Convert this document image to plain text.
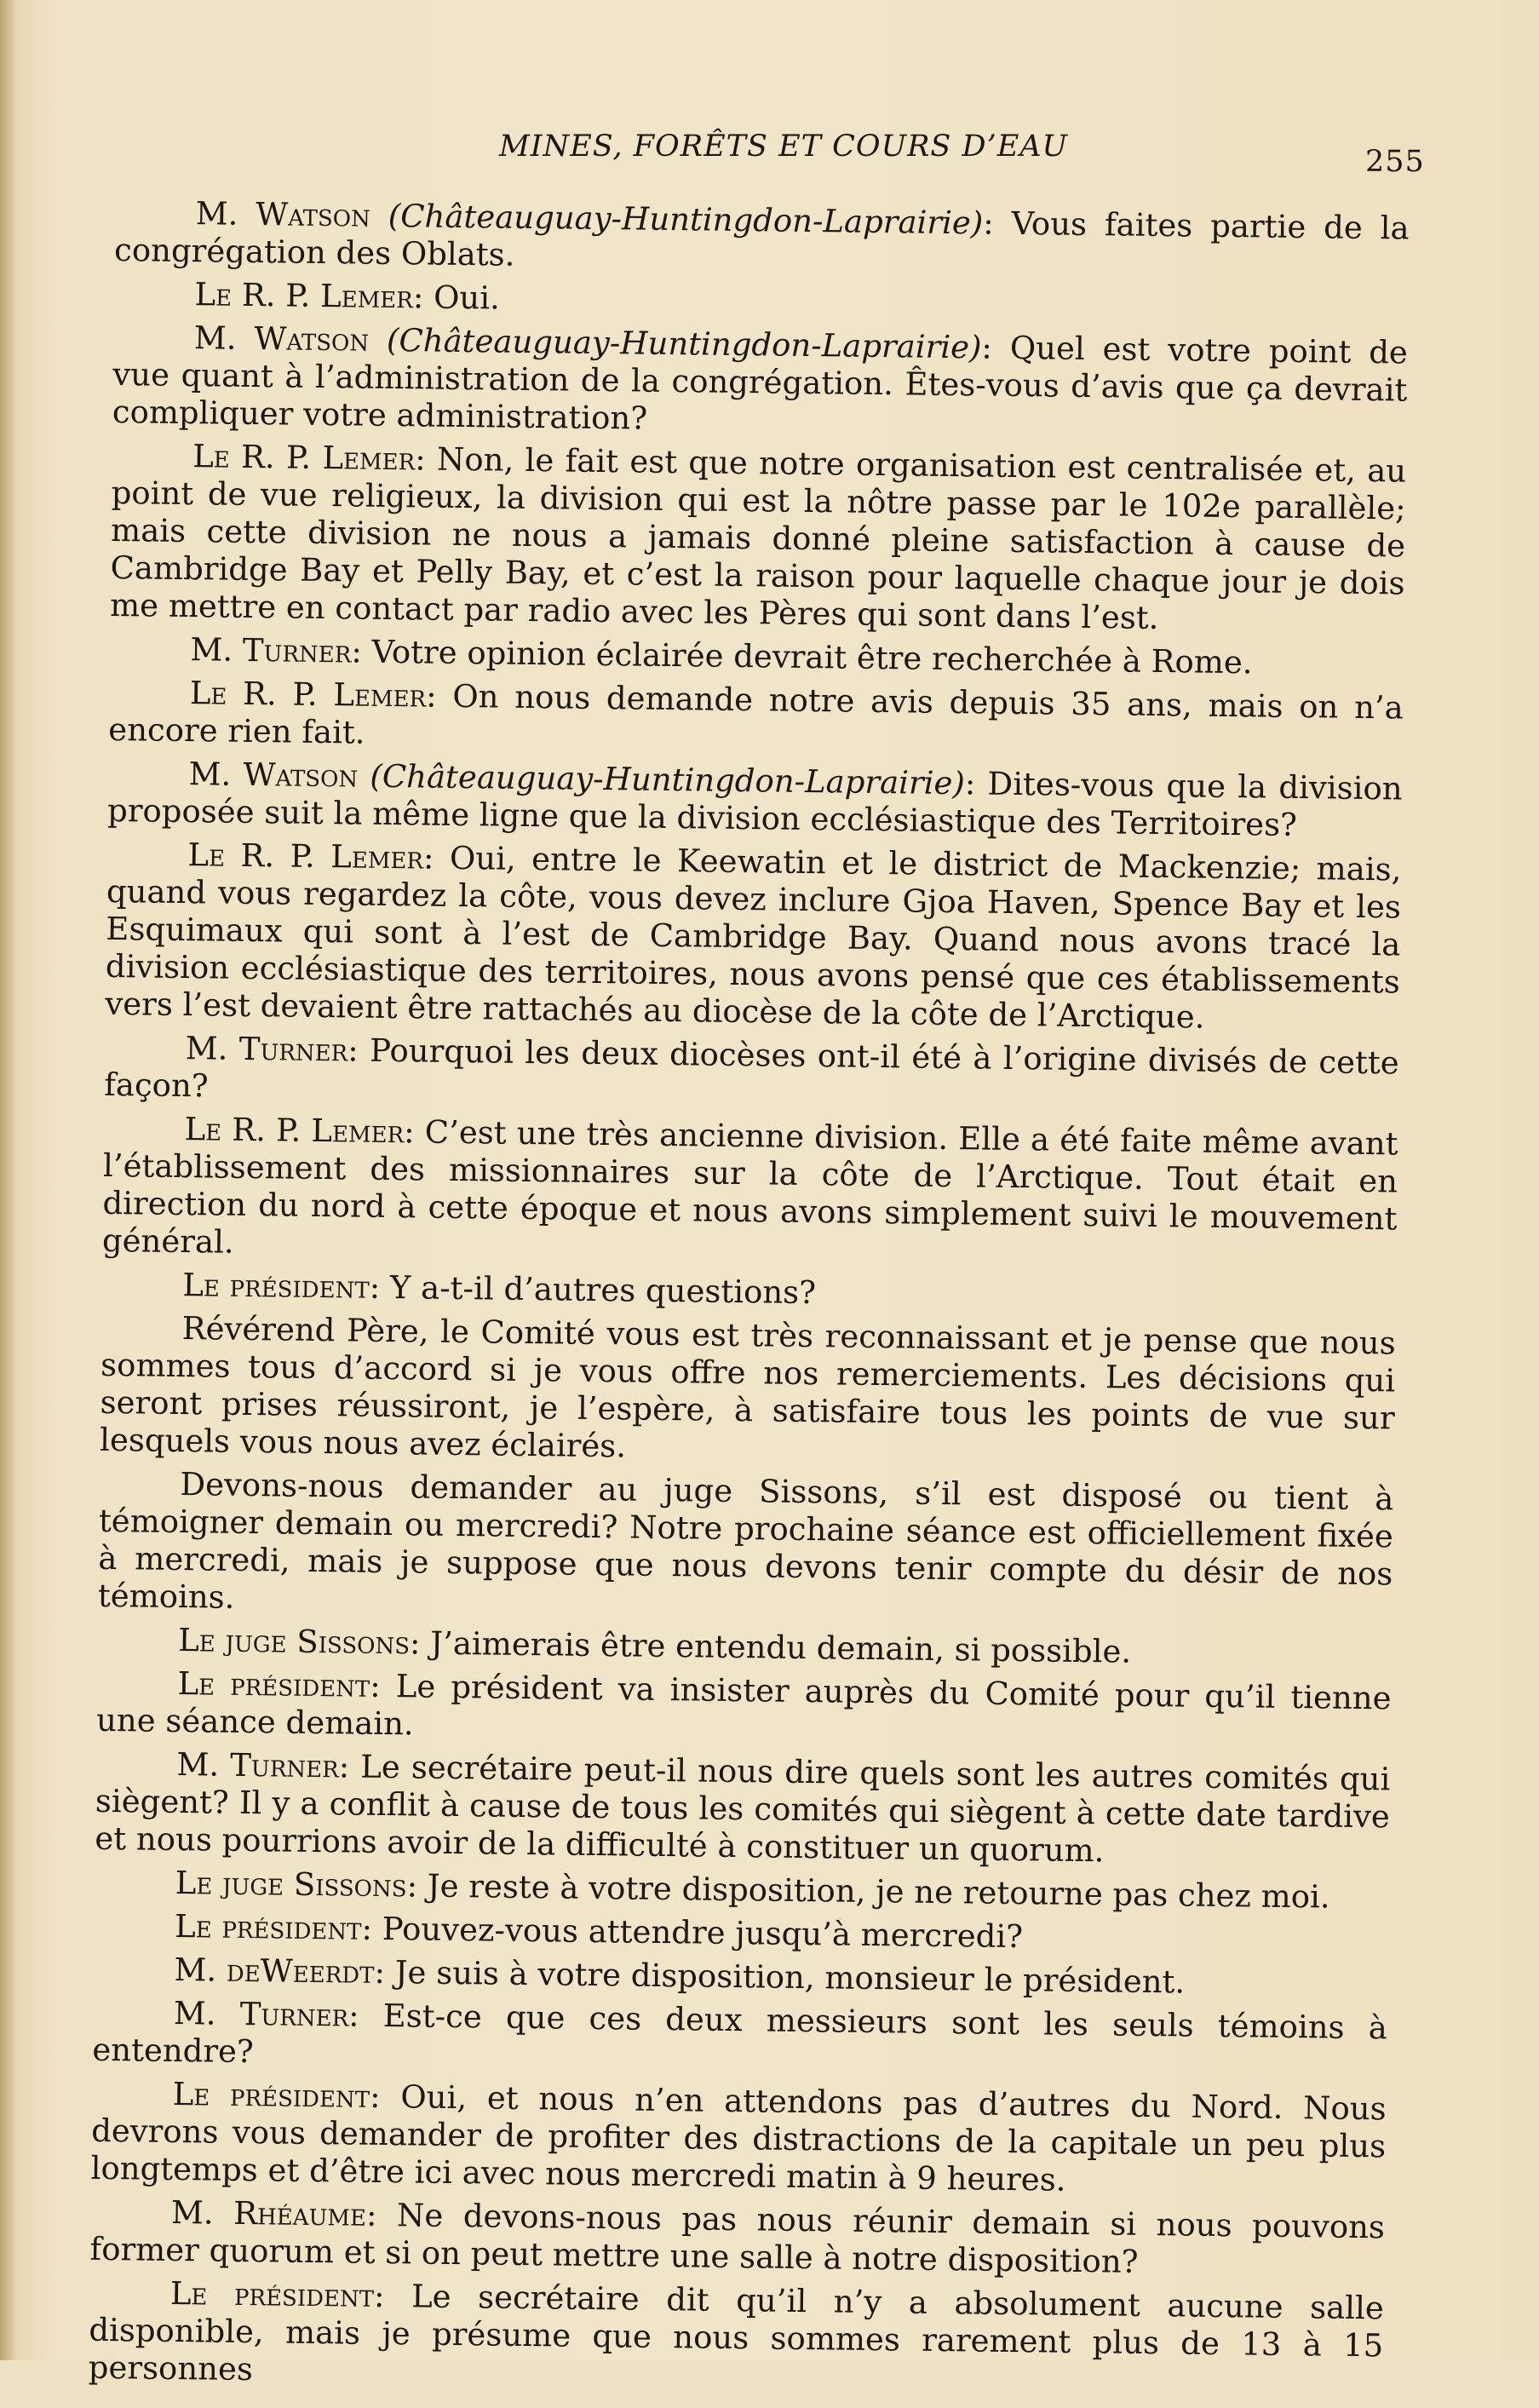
MINES, FORÊTS ET COURS D’EAU	255

M. Watson (Châteauguay-Huntingdon-Laprairie): Vous faites partie de la congrégation des Oblats.

Le R. P. Lemer: Oui.

M. Watson (Châteauguay-Huntingdon-Laprairie): Quel est votre point de vue quant à l’administration de la congrégation. Êtes-vous d’avis que ça devrait compliquer votre administration?

Le R. P. Lemer: Non, le fait est que notre organisation est centralisée et, au point de vue religieux, la division qui est la nôtre passe par le 102e parallèle; mais cette division ne nous a jamais donné pleine satisfaction à cause de Cambridge Bay et Pelly Bay, et c’est la raison pour laquelle chaque jour je dois me mettre en contact par radio avec les Pères qui sont dans l’est.

M. Turner: Votre opinion éclairée devrait être recherchée à Rome.

Le R. P. Lemer: On nous demande notre avis depuis 35 ans, mais on n’a encore rien fait.

M. Watson (Châteauguay-Huntingdon-Laprairie): Dites-vous que la division proposée suit la même ligne que la division ecclésiastique des Territoires?

Le R. P. Lemer: Oui, entre le Keewatin et le district de Mackenzie; mais, quand vous regardez la côte, vous devez inclure Gjoa Haven, Spence Bay et les Esquimaux qui sont à l’est de Cambridge Bay. Quand nous avons tracé la division ecclésiastique des territoires, nous avons pensé que ces établissements vers l’est devaient être rattachés au diocèse de la côte de l’Arctique.

M. Turner: Pourquoi les deux diocèses ont-il été à l’origine divisés de cette façon?

Le R. P. Lemer: C’est une très ancienne division. Elle a été faite même avant l’établissement des missionnaires sur la côte de l’Arctique. Tout était en direction du nord à cette époque et nous avons simplement suivi le mouvement général.

Le président: Y a-t-il d’autres questions?

Révérend Père, le Comité vous est très reconnaissant et je pense que nous sommes tous d’accord si je vous offre nos remerciements. Les décisions qui seront prises réussiront, je l’espère, à satisfaire tous les points de vue sur lesquels vous nous avez éclairés.

Devons-nous demander au juge Sissons, s’il est disposé ou tient à témoigner demain ou mercredi? Notre prochaine séance est officiellement fixée à mercredi, mais je suppose que nous devons tenir compte du désir de nos témoins.

Le juge Sissons: J’aimerais être entendu demain, si possible.

Le président: Le président va insister auprès du Comité pour qu’il tienne une séance demain.

M. Turner: Le secrétaire peut-il nous dire quels sont les autres comités qui siègent? Il y a conflit à cause de tous les comités qui siègent à cette date tardive et nous pourrions avoir de la difficulté à constituer un quorum.

Le juge Sissons: Je reste à votre disposition, je ne retourne pas chez moi.

Le président: Pouvez-vous attendre jusqu’à mercredi?

M. deWeerdt: Je suis à votre disposition, monsieur le président.

M. Turner: Est-ce que ces deux messieurs sont les seuls témoins à entendre?

Le président: Oui, et nous n’en attendons pas d’autres du Nord. Nous devrons vous demander de profiter des distractions de la capitale un peu plus longtemps et d’être ici avec nous mercredi matin à 9 heures.

M. Rhéaume: Ne devons-nous pas nous réunir demain si nous pouvons former quorum et si on peut mettre une salle à notre disposition?

Le président: Le secrétaire dit qu’il n’y a absolument aucune salle disponible, mais je présume que nous sommes rarement plus de 13 à 15 personnes
